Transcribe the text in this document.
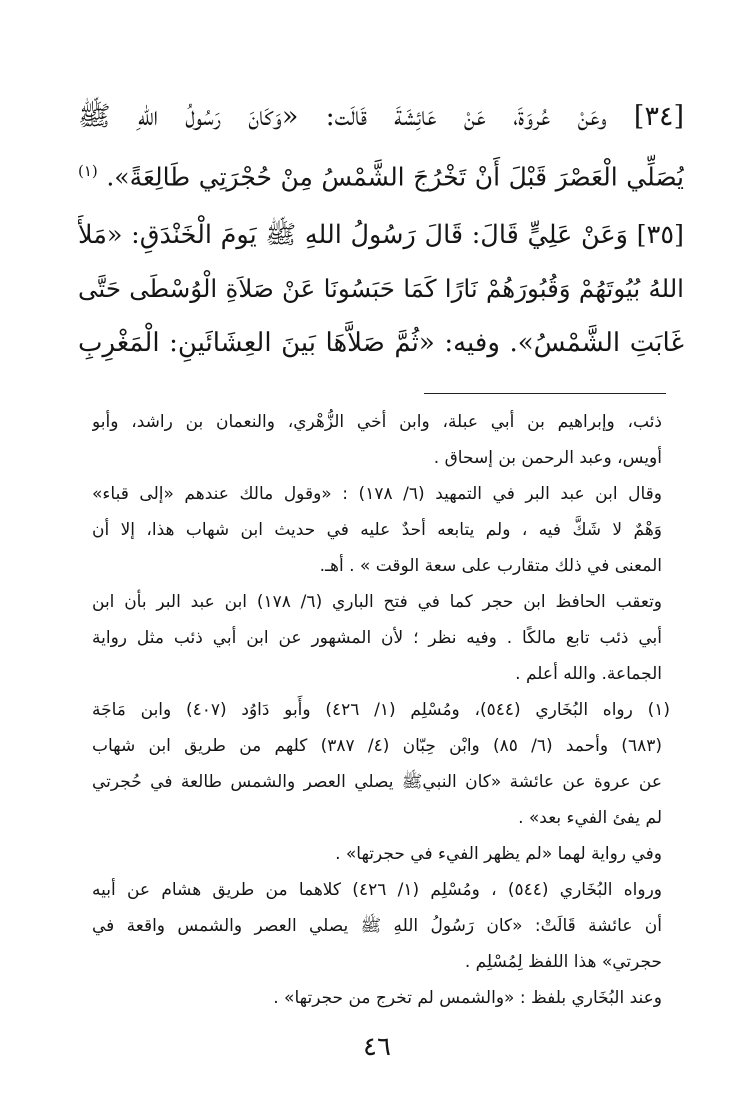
[٣٤] وعَنْ عُروَةَ، عَنْ عَائِشَةَ قَالَت: «وَكَانَ رَسُولُ اللهِ ﷺ
يُصَلِّي الْعَصْرَ قَبْلَ أَنْ تَخْرُجَ الشَّمْسُ مِنْ حُجْرَتِي طَالِعَةً». $^{(١)}$
[٣٥] وَعَنْ عَلِيٍّ قَالَ: قَالَ رَسُولُ اللهِ ﷺ يَومَ الْخَنْدَقِ: «مَلأَ
اللهُ بُيُوتَهُمْ وَقُبُورَهُمْ نَارًا كَمَا حَبَسُونَا عَنْ صَلاَةِ الْوُسْطَى حَتَّى
غَابَتِ الشَّمْسُ». وفيه: «ثُمَّ صَلاَّهَا بَينَ العِشَائَينِ: الْمَغْرِبِ
ذئب، وإبراهيم بن أبي عبلة، وابن أخي الزُّهْري، والنعمان بن راشد، وأبو
أويس، وعبد الرحمن بن إسحاق .
وقال ابن عبد البر في التمهيد (٦/ ١٧٨) : «وقول مالك عندهم «إلى قباء»
وَهْمٌ لا شَكَّ فيه ، ولم يتابعه أحدٌ عليه في حديث ابن شهاب هذا، إلا أن
المعنى في ذلك متقارب على سعة الوقت » . أهـ.
وتعقب الحافظ ابن حجر كما في فتح الباري (٦/ ١٧٨) ابن عبد البر بأن ابن
أبي ذئب تابع مالكًا . وفيه نظر ؛ لأن المشهور عن ابن أبي ذئب مثل رواية
الجماعة. والله أعلم .
(١) رواه البُخَاري (٥٤٤)، ومُسْلِم (١/ ٤٢٦) وأَبو دَاوُد (٤٠٧) وابن مَاجَة
(٦٨٣) وأحمد (٦/ ٨٥) وابْن حِبّان (٤/ ٣٨٧) كلهم من طريق ابن شهاب
عن عروة عن عائشة «كان النبيﷺ يصلي العصر والشمس طالعة في حُجرتي
لم يفئ الفيء بعد» .
وفي رواية لهما «لم يظهر الفيء في حجرتها» .
ورواه البُخَاري (٥٤٤) ، ومُسْلِم (١/ ٤٢٦) كلاهما من طريق هشام عن أبيه
أن عائشة قَالَتْ: «كان رَسُولُ اللهِ ﷺ يصلي العصر والشمس واقعة في
حجرتي» هذا اللفظ لِمُسْلِم .
وعند البُخَاري بلفظ : «والشمس لم تخرج من حجرتها» .
٤٦
